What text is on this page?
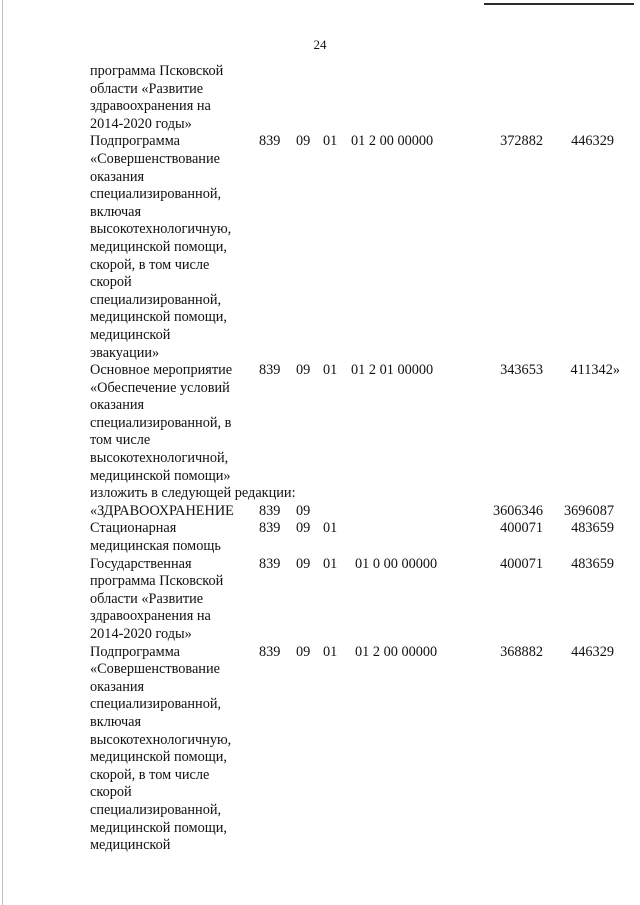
24
программа Псковской
области «Развитие
здравоохранения на
2014-2020 годы»
Подпрограмма
«Совершенствование
оказания
специализированной,
включая
высокотехнологичную,
медицинской помощи,
скорой, в том числе
скорой
специализированной,
медицинской помощи,
медицинской
эвакуации»
839 09 01 01 2 00 00000	372882 446329
Основное мероприятие
«Обеспечение условий
оказания
специализированной, в
том числе
высокотехнологичной,
медицинской помощи»
839 09 01 01 2 01 00000	343653 411342»
изложить в следующей редакции:
«ЗДРАВООХРАНЕНИЕ	839 09	3606346 3696087
Стационарная
медицинская помощь
839 09 01	400071 483659
Государственная
программа Псковской
области «Развитие
здравоохранения на
2014-2020 годы»
839 09 01 01 0 00 00000	400071 483659
Подпрограмма
«Совершенствование
оказания
специализированной,
включая
высокотехнологичную,
медицинской помощи,
скорой, в том числе
скорой
специализированной,
медицинской помощи,
медицинской
839 09 01 01 2 00 00000	368882 446329
